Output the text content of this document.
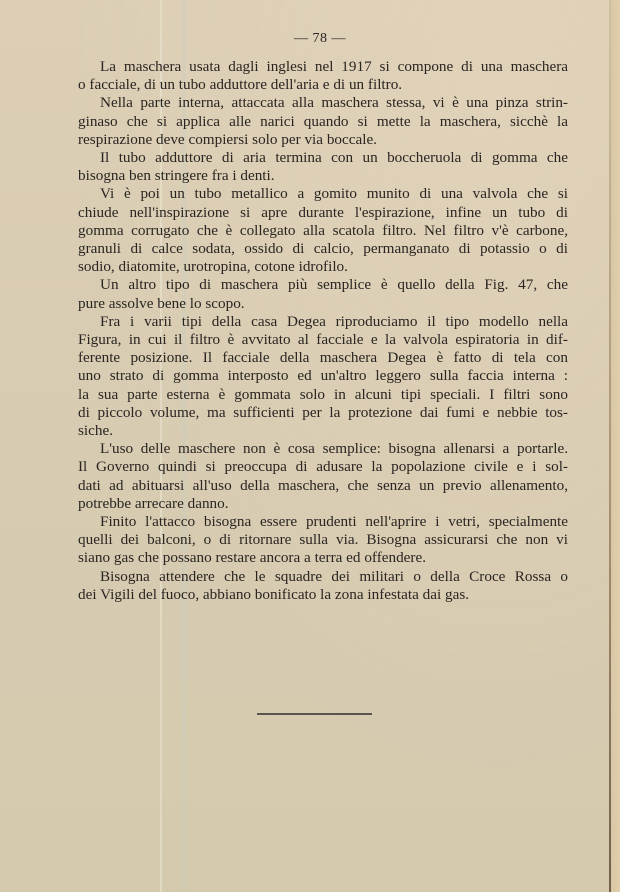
— 78 —
La maschera usata dagli inglesi nel 1917 si compone di una maschera
o facciale, di un tubo adduttore dell'aria e di un filtro.
Nella parte interna, attaccata alla maschera stessa, vi è una pinza strin-
ginaso che si applica alle narici quando si mette la maschera, sicchè la
respirazione deve compiersi solo per via boccale.
Il tubo adduttore di aria termina con un boccheruola di gomma che
bisogna ben stringere fra i denti.
Vi è poi un tubo metallico a gomito munito di una valvola che si
chiude nell'inspirazione si apre durante l'espirazione, infine un tubo di
gomma corrugato che è collegato alla scatola filtro. Nel filtro v'è carbone,
granuli di calce sodata, ossido di calcio, permanganato di potassio o di
sodio, diatomite, urotropina, cotone idrofilo.
Un altro tipo di maschera più semplice è quello della Fig. 47, che
pure assolve bene lo scopo.
Fra i varii tipi della casa Degea riproduciamo il tipo modello nella
Figura, in cui il filtro è avvitato al facciale e la valvola espiratoria in dif-
ferente posizione. Il facciale della maschera Degea è fatto di tela con
uno strato di gomma interposto ed un'altro leggero sulla faccia interna :
la sua parte esterna è gommata solo in alcuni tipi speciali. I filtri sono
di piccolo volume, ma sufficienti per la protezione dai fumi e nebbie tos-
siche.
L'uso delle maschere non è cosa semplice: bisogna allenarsi a portarle.
Il Governo quindi si preoccupa di adusare la popolazione civile e i sol-
dati ad abituarsi all'uso della maschera, che senza un previo allenamento,
potrebbe arrecare danno.
Finito l'attacco bisogna essere prudenti nell'aprire i vetri, specialmente
quelli dei balconi, o di ritornare sulla via. Bisogna assicurarsi che non vi
siano gas che possano restare ancora a terra ed offendere.
Bisogna attendere che le squadre dei militari o della Croce Rossa o
dei Vigili del fuoco, abbiano bonificato la zona infestata dai gas.
